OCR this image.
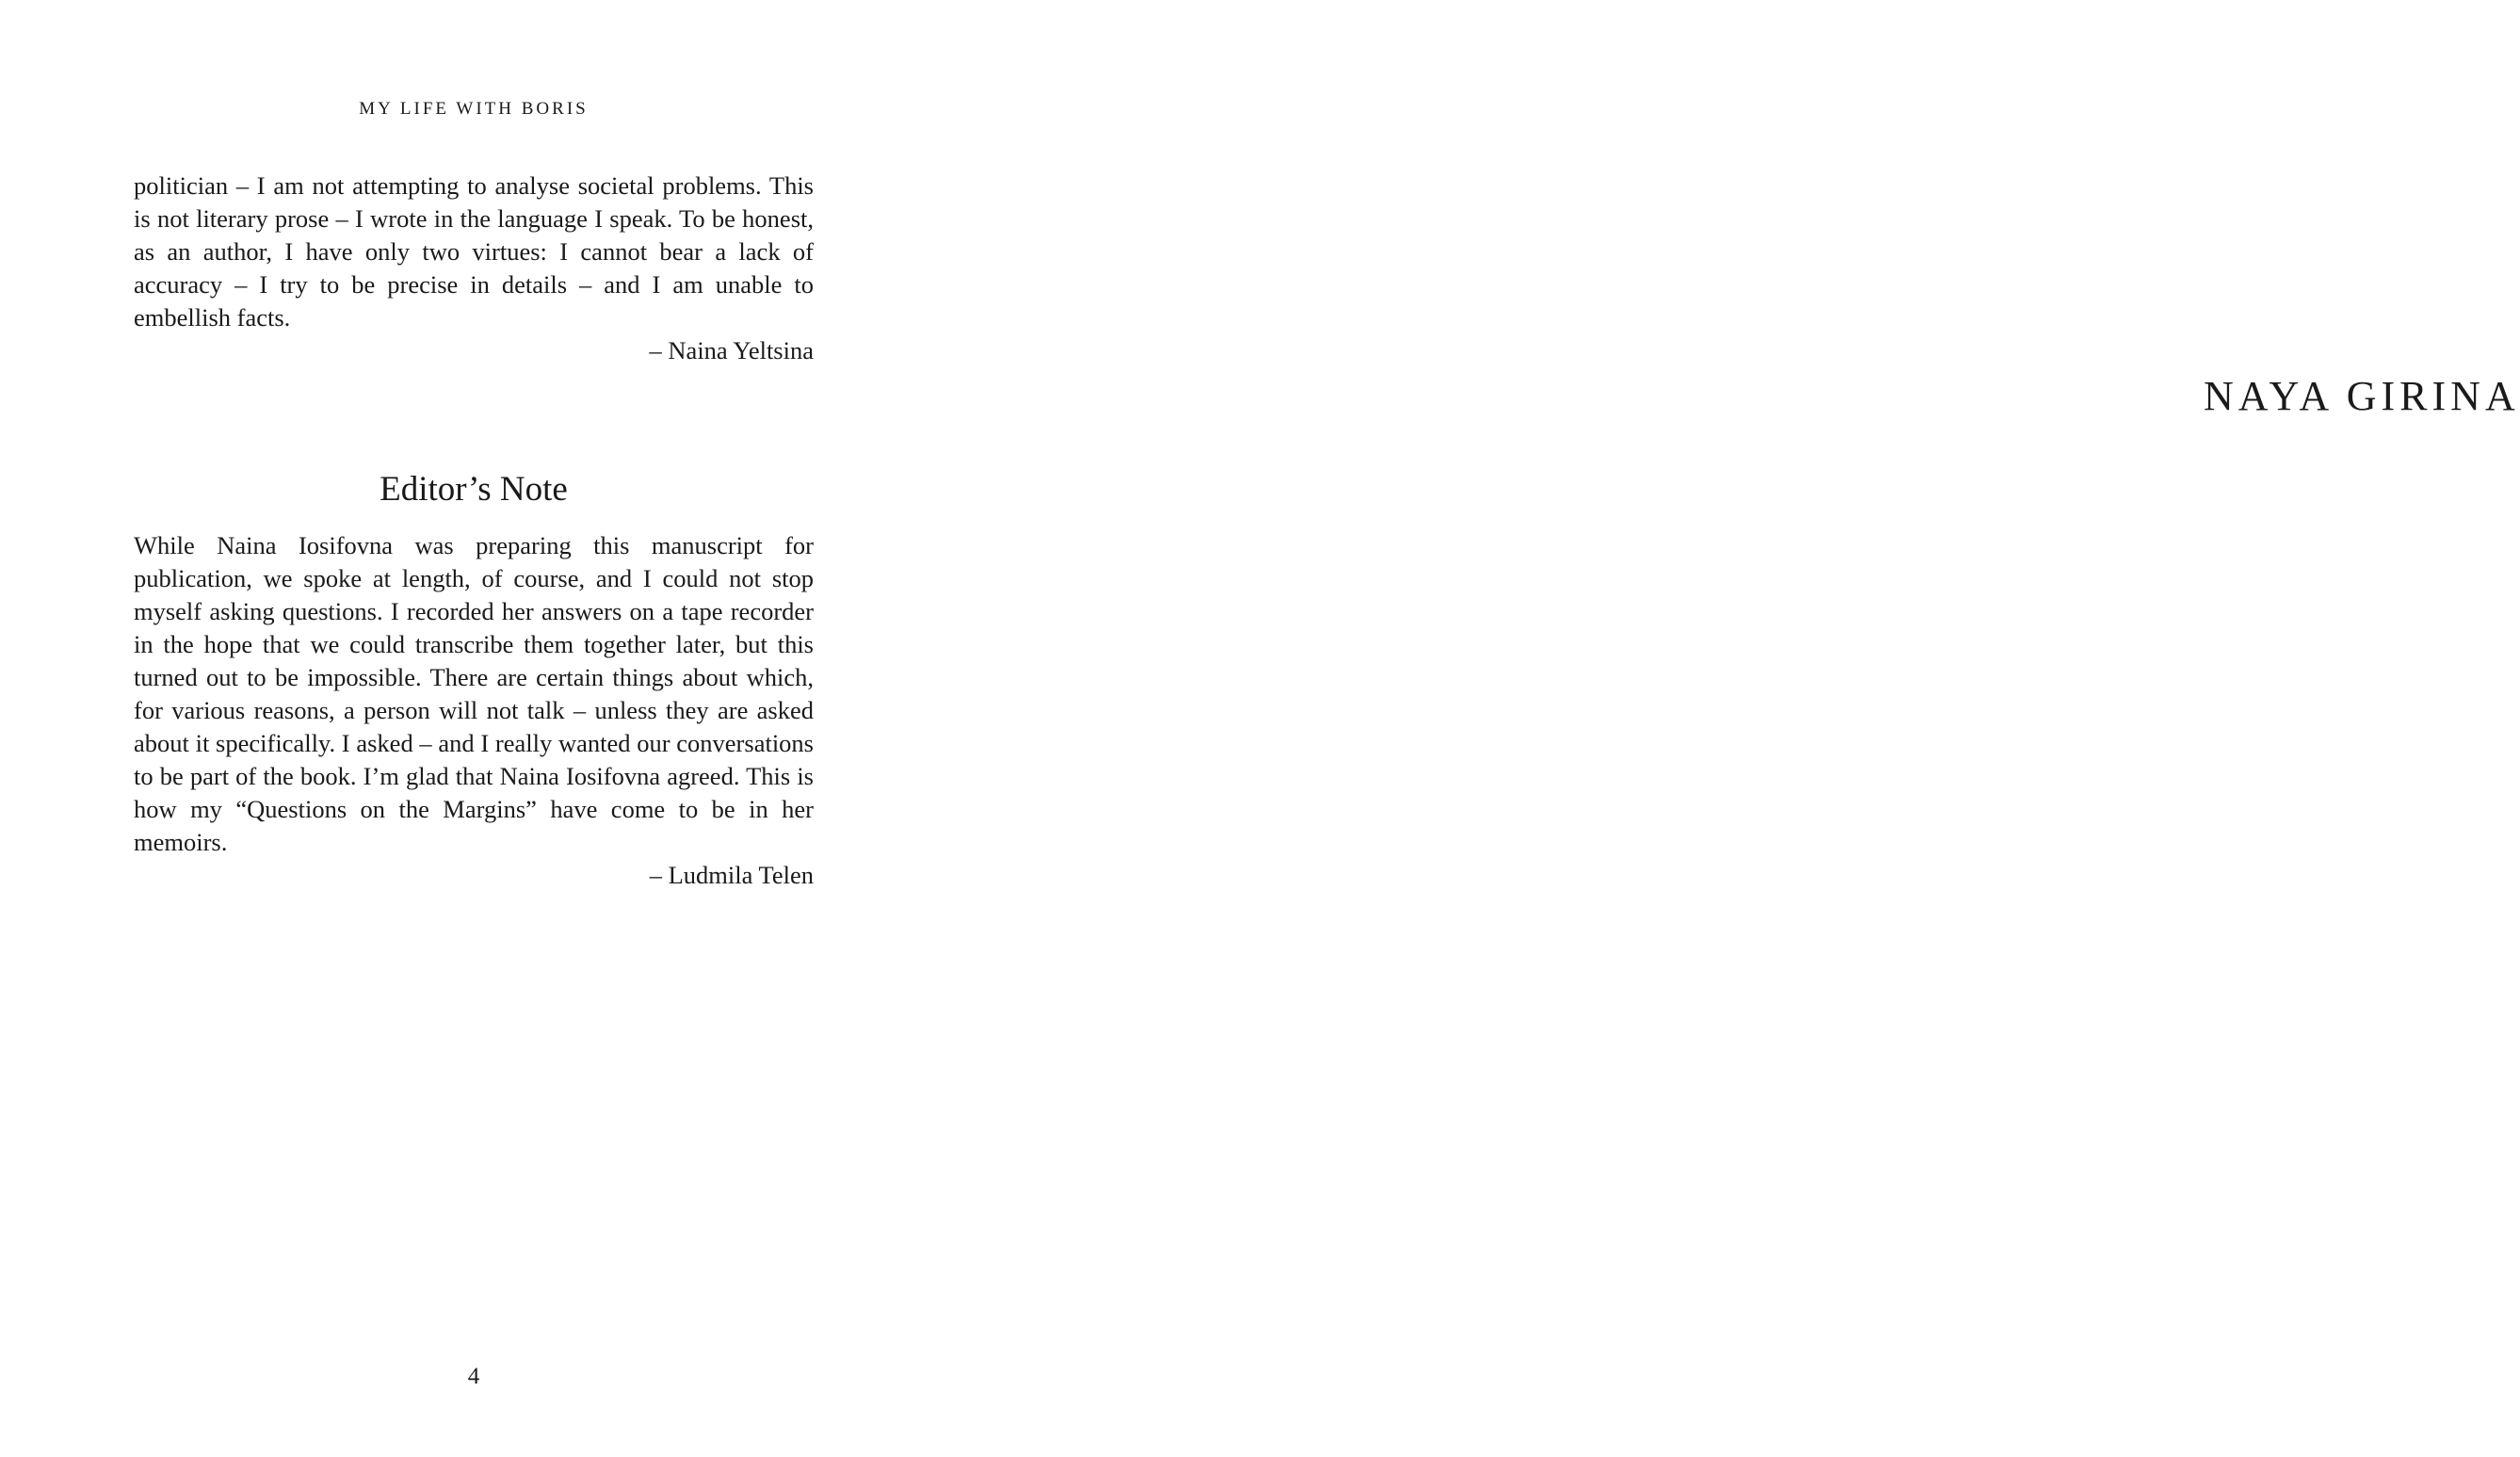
MY LIFE WITH BORIS

politician – I am not attempting to analyse societal problems. This is not literary prose – I wrote in the language I speak. To be honest, as an author, I have only two virtues: I cannot bear a lack of accuracy – I try to be precise in details – and I am unable to embellish facts.

– Naina Yeltsina

Editor’s Note

While Naina Iosifovna was preparing this manuscript for publication, we spoke at length, of course, and I could not stop myself asking questions. I recorded her answers on a tape recorder in the hope that we could transcribe them together later, but this turned out to be impossible. There are certain things about which, for various reasons, a person will not talk – unless they are asked about it specifically. I asked – and I really wanted our conversations to be part of the book. I’m glad that Naina Iosifovna agreed. This is how my “Questions on the Margins” have come to be in her memoirs.

– Ludmila Telen

4
NAYA GIRINA
